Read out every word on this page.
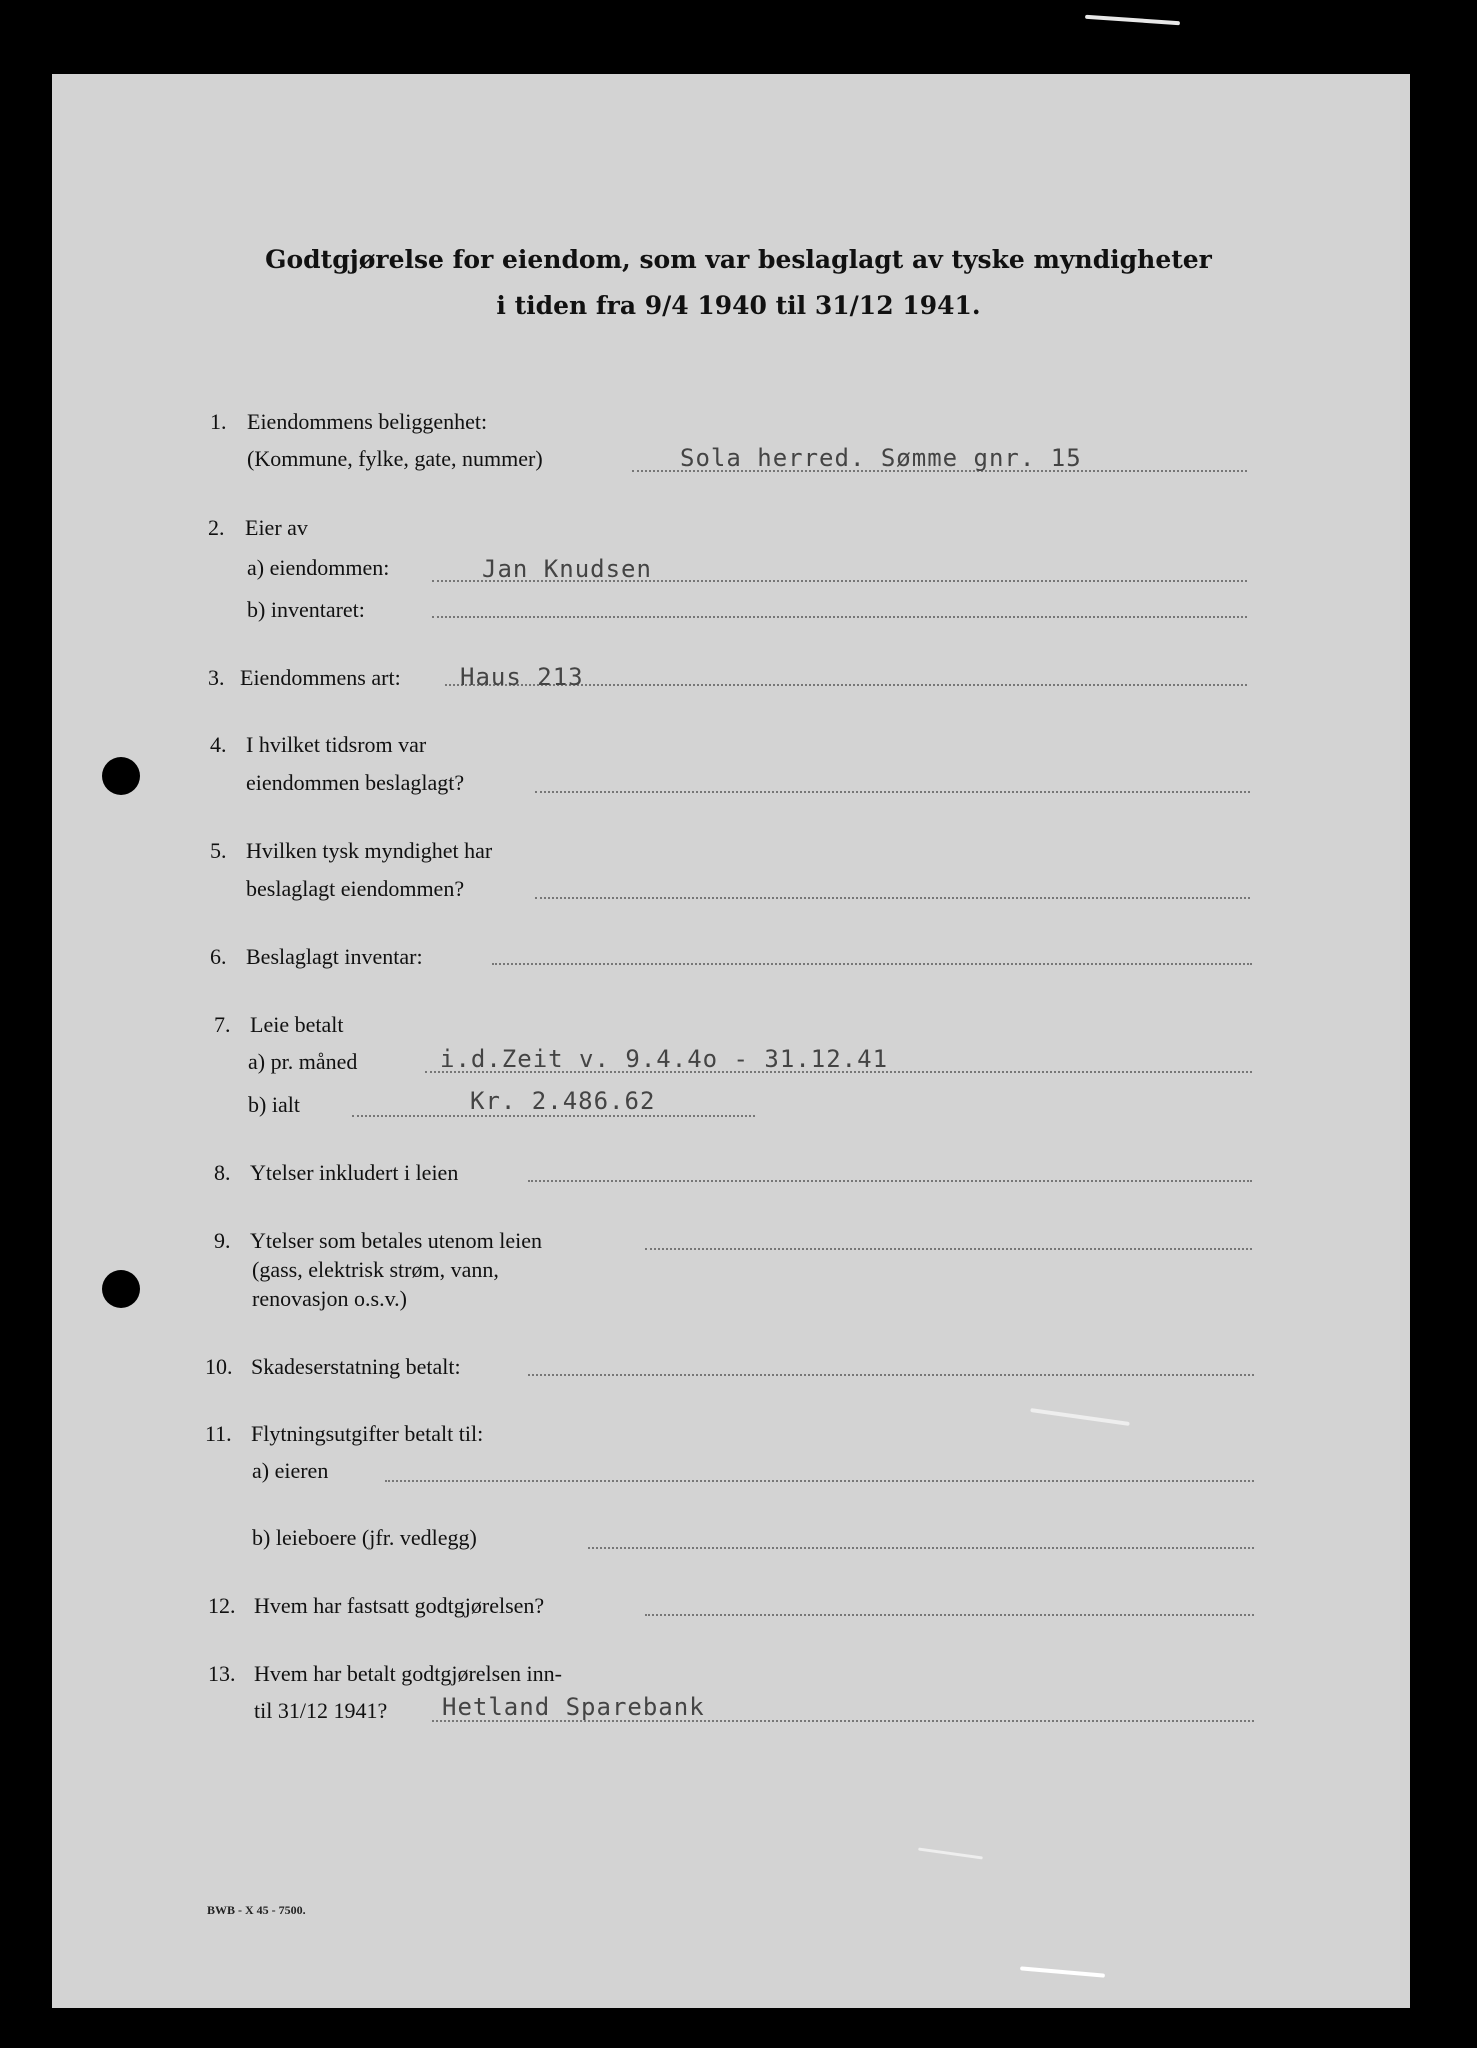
Godtgjørelse for eiendom, som var beslaglagt av tyske myndigheter
i tiden fra 9/4 1940 til 31/12 1941.
1. Eiendommens beliggenhet:
(Kommune, fylke, gate, nummer)	Sola herred. Sømme gnr. 15
2. Eier av
a) eiendommen:	Jan Knudsen
b) inventaret:
3. Eiendommens art: Haus 213
4. I hvilket tidsrom var
eiendommen beslaglagt?
5. Hvilken tysk myndighet har
beslaglagt eiendommen?
6. Beslaglagt inventar:
7. Leie betalt
a) pr. måned	i.d.Zeit v. 9.4.4o - 31.12.41
b) ialt	Kr. 2.486.62
8. Ytelser inkludert i leien
9. Ytelser som betales utenom leien
(gass, elektrisk strøm, vann,
renovasjon o.s.v.)
10. Skadeserstatning betalt:
11. Flytningsutgifter betalt til:
a) eieren
b) leieboere (jfr. vedlegg)
12. Hvem har fastsatt godtgjørelsen?
13. Hvem har betalt godtgjørelsen inn-
til 31/12 1941? Hetland Sparebank
BWB - X 45 - 7500.
